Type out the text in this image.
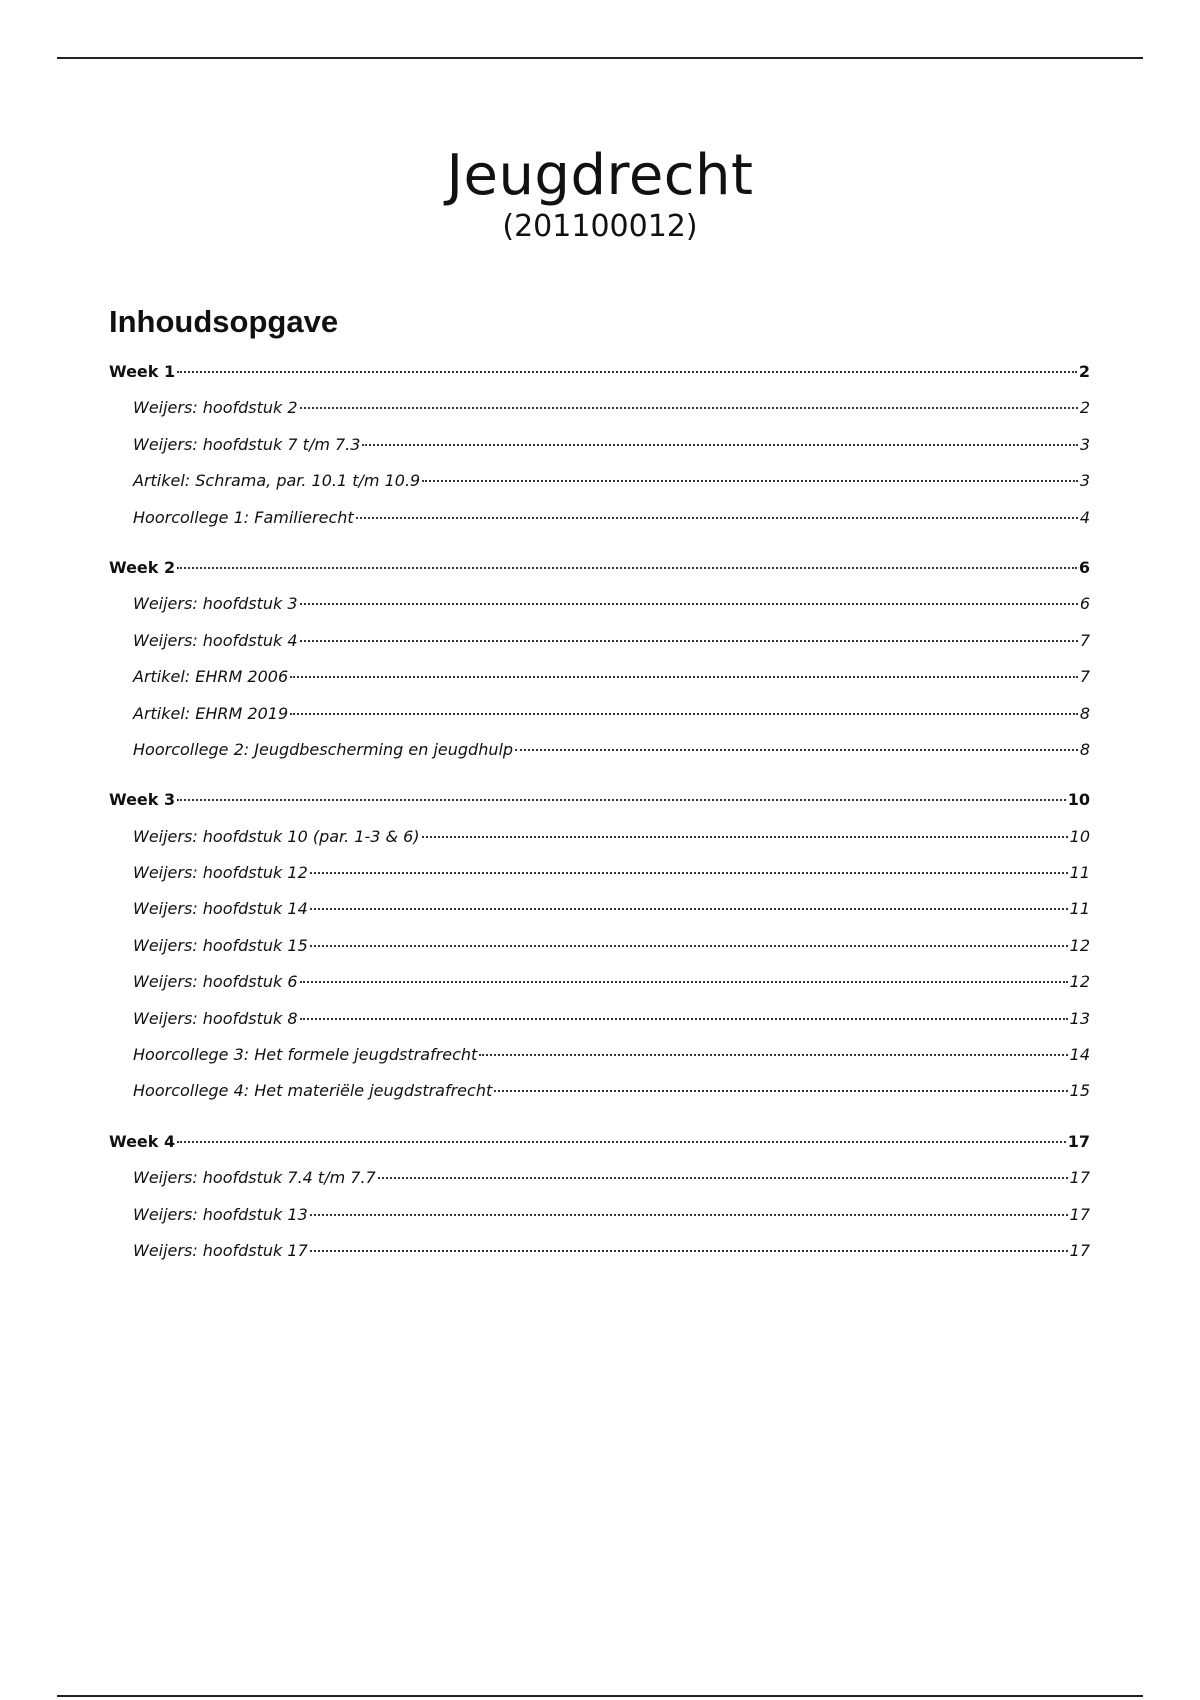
Jeugdrecht
(201100012)
Inhoudsopgave
Week 1	2
Weijers: hoofdstuk 2	2
Weijers: hoofdstuk 7 t/m 7.3	3
Artikel: Schrama, par. 10.1 t/m 10.9	3
Hoorcollege 1: Familierecht	4
Week 2	6
Weijers: hoofdstuk 3	6
Weijers: hoofdstuk 4	7
Artikel: EHRM 2006	7
Artikel: EHRM 2019	8
Hoorcollege 2: Jeugdbescherming en jeugdhulp	8
Week 3	10
Weijers: hoofdstuk 10 (par. 1-3 & 6)	10
Weijers: hoofdstuk 12	11
Weijers: hoofdstuk 14	11
Weijers: hoofdstuk 15	12
Weijers: hoofdstuk 6	12
Weijers: hoofdstuk 8	13
Hoorcollege 3: Het formele jeugdstrafrecht	14
Hoorcollege 4: Het materiële jeugdstrafrecht	15
Week 4	17
Weijers: hoofdstuk 7.4 t/m 7.7	17
Weijers: hoofdstuk 13	17
Weijers: hoofdstuk 17	17
